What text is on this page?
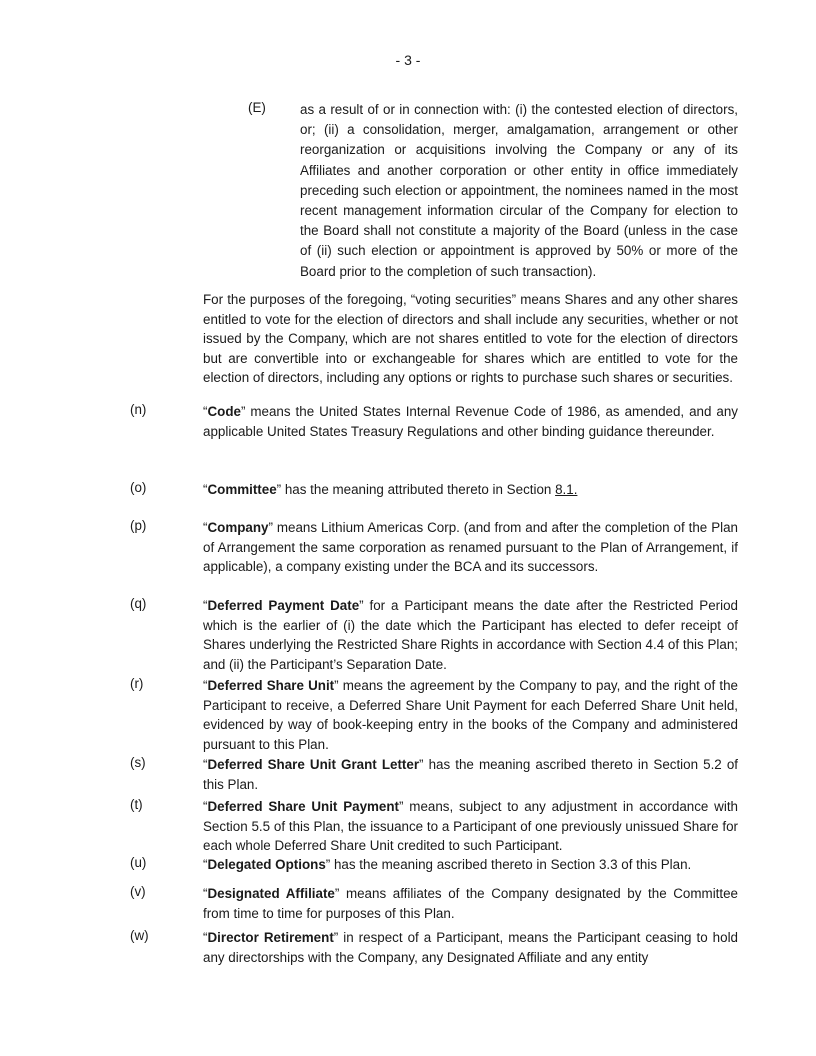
- 3 -
(E)	as a result of or in connection with: (i) the contested election of directors, or; (ii) a consolidation, merger, amalgamation, arrangement or other reorganization or acquisitions involving the Company or any of its Affiliates and another corporation or other entity in office immediately preceding such election or appointment, the nominees named in the most recent management information circular of the Company for election to the Board shall not constitute a majority of the Board (unless in the case of (ii) such election or appointment is approved by 50% or more of the Board prior to the completion of such transaction).

For the purposes of the foregoing, “voting securities” means Shares and any other shares entitled to vote for the election of directors and shall include any securities, whether or not issued by the Company, which are not shares entitled to vote for the election of directors but are convertible into or exchangeable for shares which are entitled to vote for the election of directors, including any options or rights to purchase such shares or securities.

(n)	“Code” means the United States Internal Revenue Code of 1986, as amended, and any applicable United States Treasury Regulations and other binding guidance thereunder.
(o)	“Committee” has the meaning attributed thereto in Section 8.1.
(p)	“Company” means Lithium Americas Corp. (and from and after the completion of the Plan of Arrangement the same corporation as renamed pursuant to the Plan of Arrangement, if applicable), a company existing under the BCA and its successors.
(q)	“Deferred Payment Date” for a Participant means the date after the Restricted Period which is the earlier of (i) the date which the Participant has elected to defer receipt of Shares underlying the Restricted Share Rights in accordance with Section 4.4 of this Plan; and (ii) the Participant’s Separation Date.
(r)	“Deferred Share Unit” means the agreement by the Company to pay, and the right of the Participant to receive, a Deferred Share Unit Payment for each Deferred Share Unit held, evidenced by way of book-keeping entry in the books of the Company and administered pursuant to this Plan.
(s)	“Deferred Share Unit Grant Letter” has the meaning ascribed thereto in Section 5.2 of this Plan.
(t)	“Deferred Share Unit Payment” means, subject to any adjustment in accordance with Section 5.5 of this Plan, the issuance to a Participant of one previously unissued Share for each whole Deferred Share Unit credited to such Participant.
(u)	“Delegated Options” has the meaning ascribed thereto in Section 3.3 of this Plan.
(v)	“Designated Affiliate” means affiliates of the Company designated by the Committee from time to time for purposes of this Plan.
(w)	“Director Retirement” in respect of a Participant, means the Participant ceasing to hold any directorships with the Company, any Designated Affiliate and any entity
